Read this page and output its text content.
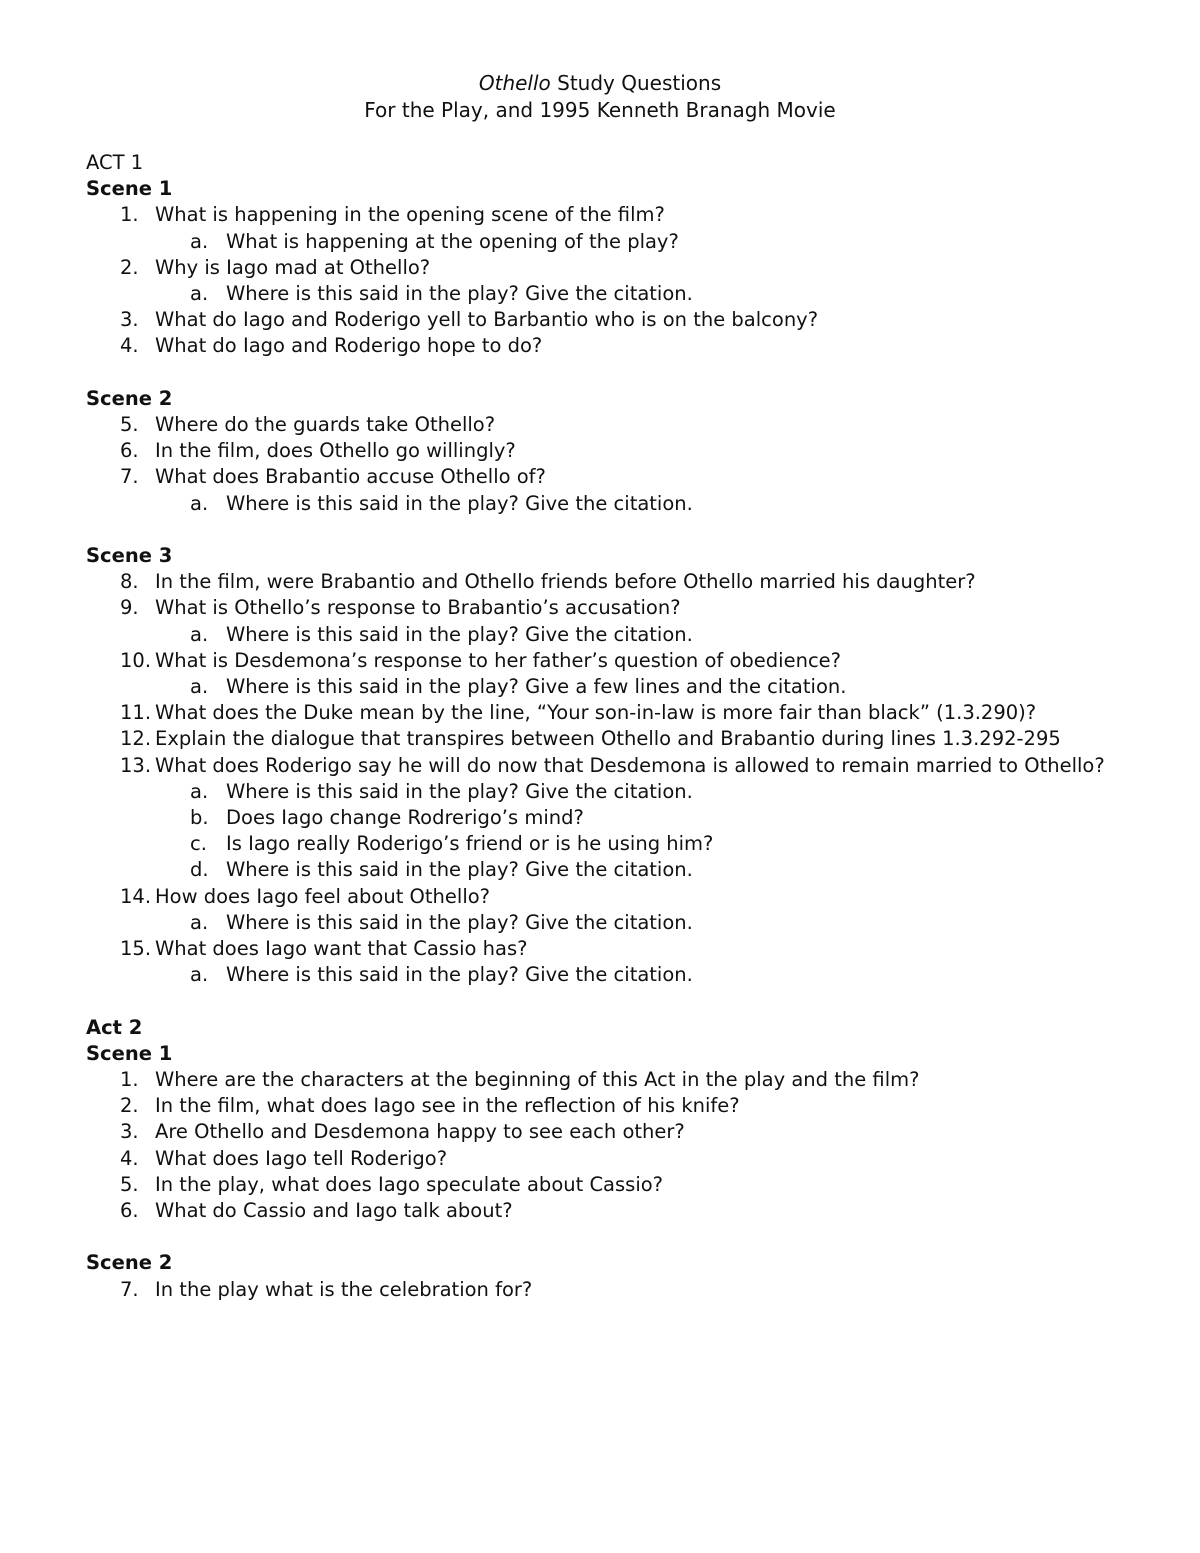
Othello Study Questions
For the Play, and 1995 Kenneth Branagh Movie
ACT 1
Scene 1
1. What is happening in the opening scene of the film?
a. What is happening at the opening of the play?
2. Why is Iago mad at Othello?
a. Where is this said in the play? Give the citation.
3. What do Iago and Roderigo yell to Barbantio who is on the balcony?
4. What do Iago and Roderigo hope to do?
Scene 2
5. Where do the guards take Othello?
6. In the film, does Othello go willingly?
7. What does Brabantio accuse Othello of?
a. Where is this said in the play? Give the citation.
Scene 3
8. In the film, were Brabantio and Othello friends before Othello married his daughter?
9. What is Othello’s response to Brabantio’s accusation?
a. Where is this said in the play? Give the citation.
10. What is Desdemona’s response to her father’s question of obedience?
a. Where is this said in the play? Give a few lines and the citation.
11. What does the Duke mean by the line, “Your son-in-law is more fair than black” (1.3.290)?
12. Explain the dialogue that transpires between Othello and Brabantio during lines 1.3.292-295
13. What does Roderigo say he will do now that Desdemona is allowed to remain married to Othello?
a. Where is this said in the play? Give the citation.
b. Does Iago change Rodrerigo’s mind?
c. Is Iago really Roderigo’s friend or is he using him?
d. Where is this said in the play? Give the citation.
14. How does Iago feel about Othello?
a. Where is this said in the play? Give the citation.
15. What does Iago want that Cassio has?
a. Where is this said in the play? Give the citation.
Act 2
Scene 1
1. Where are the characters at the beginning of this Act in the play and the film?
2. In the film, what does Iago see in the reflection of his knife?
3. Are Othello and Desdemona happy to see each other?
4. What does Iago tell Roderigo?
5. In the play, what does Iago speculate about Cassio?
6. What do Cassio and Iago talk about?
Scene 2
7. In the play what is the celebration for?
